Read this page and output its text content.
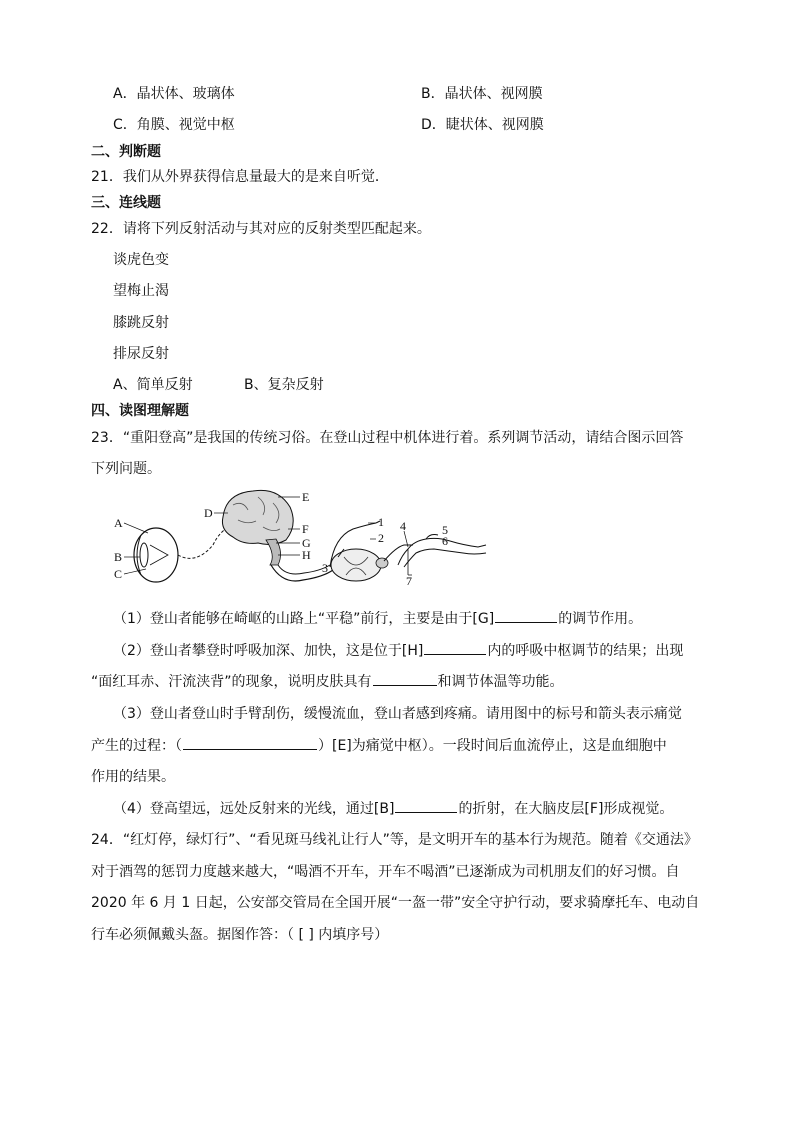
A．晶状体、玻璃体	B．晶状体、视网膜
C．角膜、视觉中枢	D．睫状体、视网膜
二、判断题
21．我们从外界获得信息量最大的是来自听觉．
三、连线题
22．请将下列反射活动与其对应的反射类型匹配起来。
谈虎色变
望梅止渴
膝跳反射
排尿反射
A、简单反射	B、复杂反射
四、读图理解题
23．“重阳登高”是我国的传统习俗。在登山过程中机体进行着。系列调节活动，请结合图示回答
下列问题。
A
B
C
D
E
F
G
H
1
2
3
4	5
6
7
（1）登山者能够在崎岖的山路上“平稳”前行，主要是由于[G]	的调节作用。
（2）登山者攀登时呼吸加深、加快，这是位于[H]	内的呼吸中枢调节的结果；出现
“面红耳赤、汗流浃背”的现象，说明皮肤具有	和调节体温等功能。
（3）登山者登山时手臂刮伤，缓慢流血，登山者感到疼痛。请用图中的标号和箭头表示痛觉
产生的过程：（	）[E]为痛觉中枢）。一段时间后血流停止，这是血细胞中
作用的结果。
（4）登高望远，远处反射来的光线，通过[B]	的折射，在大脑皮层[F]形成视觉。
24．“红灯停，绿灯行”、“看见斑马线礼让行人”等，是文明开车的基本行为规范。随着《交通法》
对于酒驾的惩罚力度越来越大，“喝酒不开车，开车不喝酒”已逐渐成为司机朋友们的好习惯。自
2020 年 6 月 1 日起，公安部交管局在全国开展“一盔一带”安全守护行动，要求骑摩托车、电动自
行车必须佩戴头盔。据图作答：（ [ ] 内填序号）
